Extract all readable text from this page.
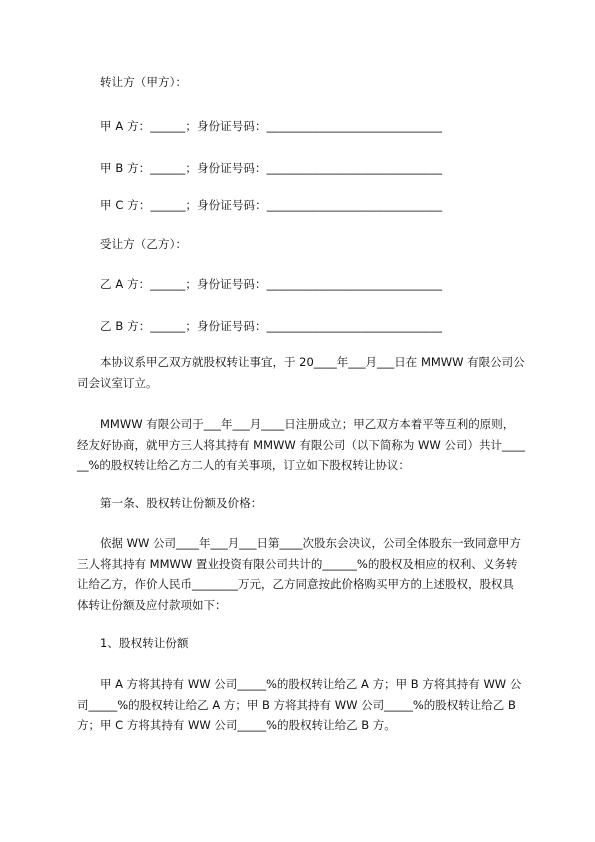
转让方（甲方）：
甲 A 方：______；身份证号码：______________________________
甲 B 方：______；身份证号码：______________________________
甲 C 方：______；身份证号码：______________________________
受让方（乙方）：
乙 A 方：______；身份证号码：______________________________
乙 B 方：______；身份证号码：______________________________
本协议系甲乙双方就股权转让事宜，于 20____年___月___日在 MMWW 有限公司公司会议室订立。
MMWW 有限公司于___年___月____日注册成立；甲乙双方本着平等互利的原则，经友好协商，就甲方三人将其持有 MMWW 有限公司（以下简称为 WW 公司）共计______%的股权转让给乙方二人的有关事项，订立如下股权转让协议：
第一条、股权转让份额及价格：
依据 WW 公司____年___月___日第____次股东会决议，公司全体股东一致同意甲方三人将其持有 MMWW 置业投资有限公司共计的______%的股权及相应的权利、义务转让给乙方，作价人民币________万元，乙方同意按此价格购买甲方的上述股权，股权具体转让份额及应付款项如下：
1、股权转让份额
甲 A 方将其持有 WW 公司_____%的股权转让给乙 A 方；甲 B 方将其持有 WW 公司_____%的股权转让给乙 A 方；甲 B 方将其持有 WW 公司_____%的股权转让给乙 B 方；甲 C 方将其持有 WW 公司_____%的股权转让给乙 B 方。
